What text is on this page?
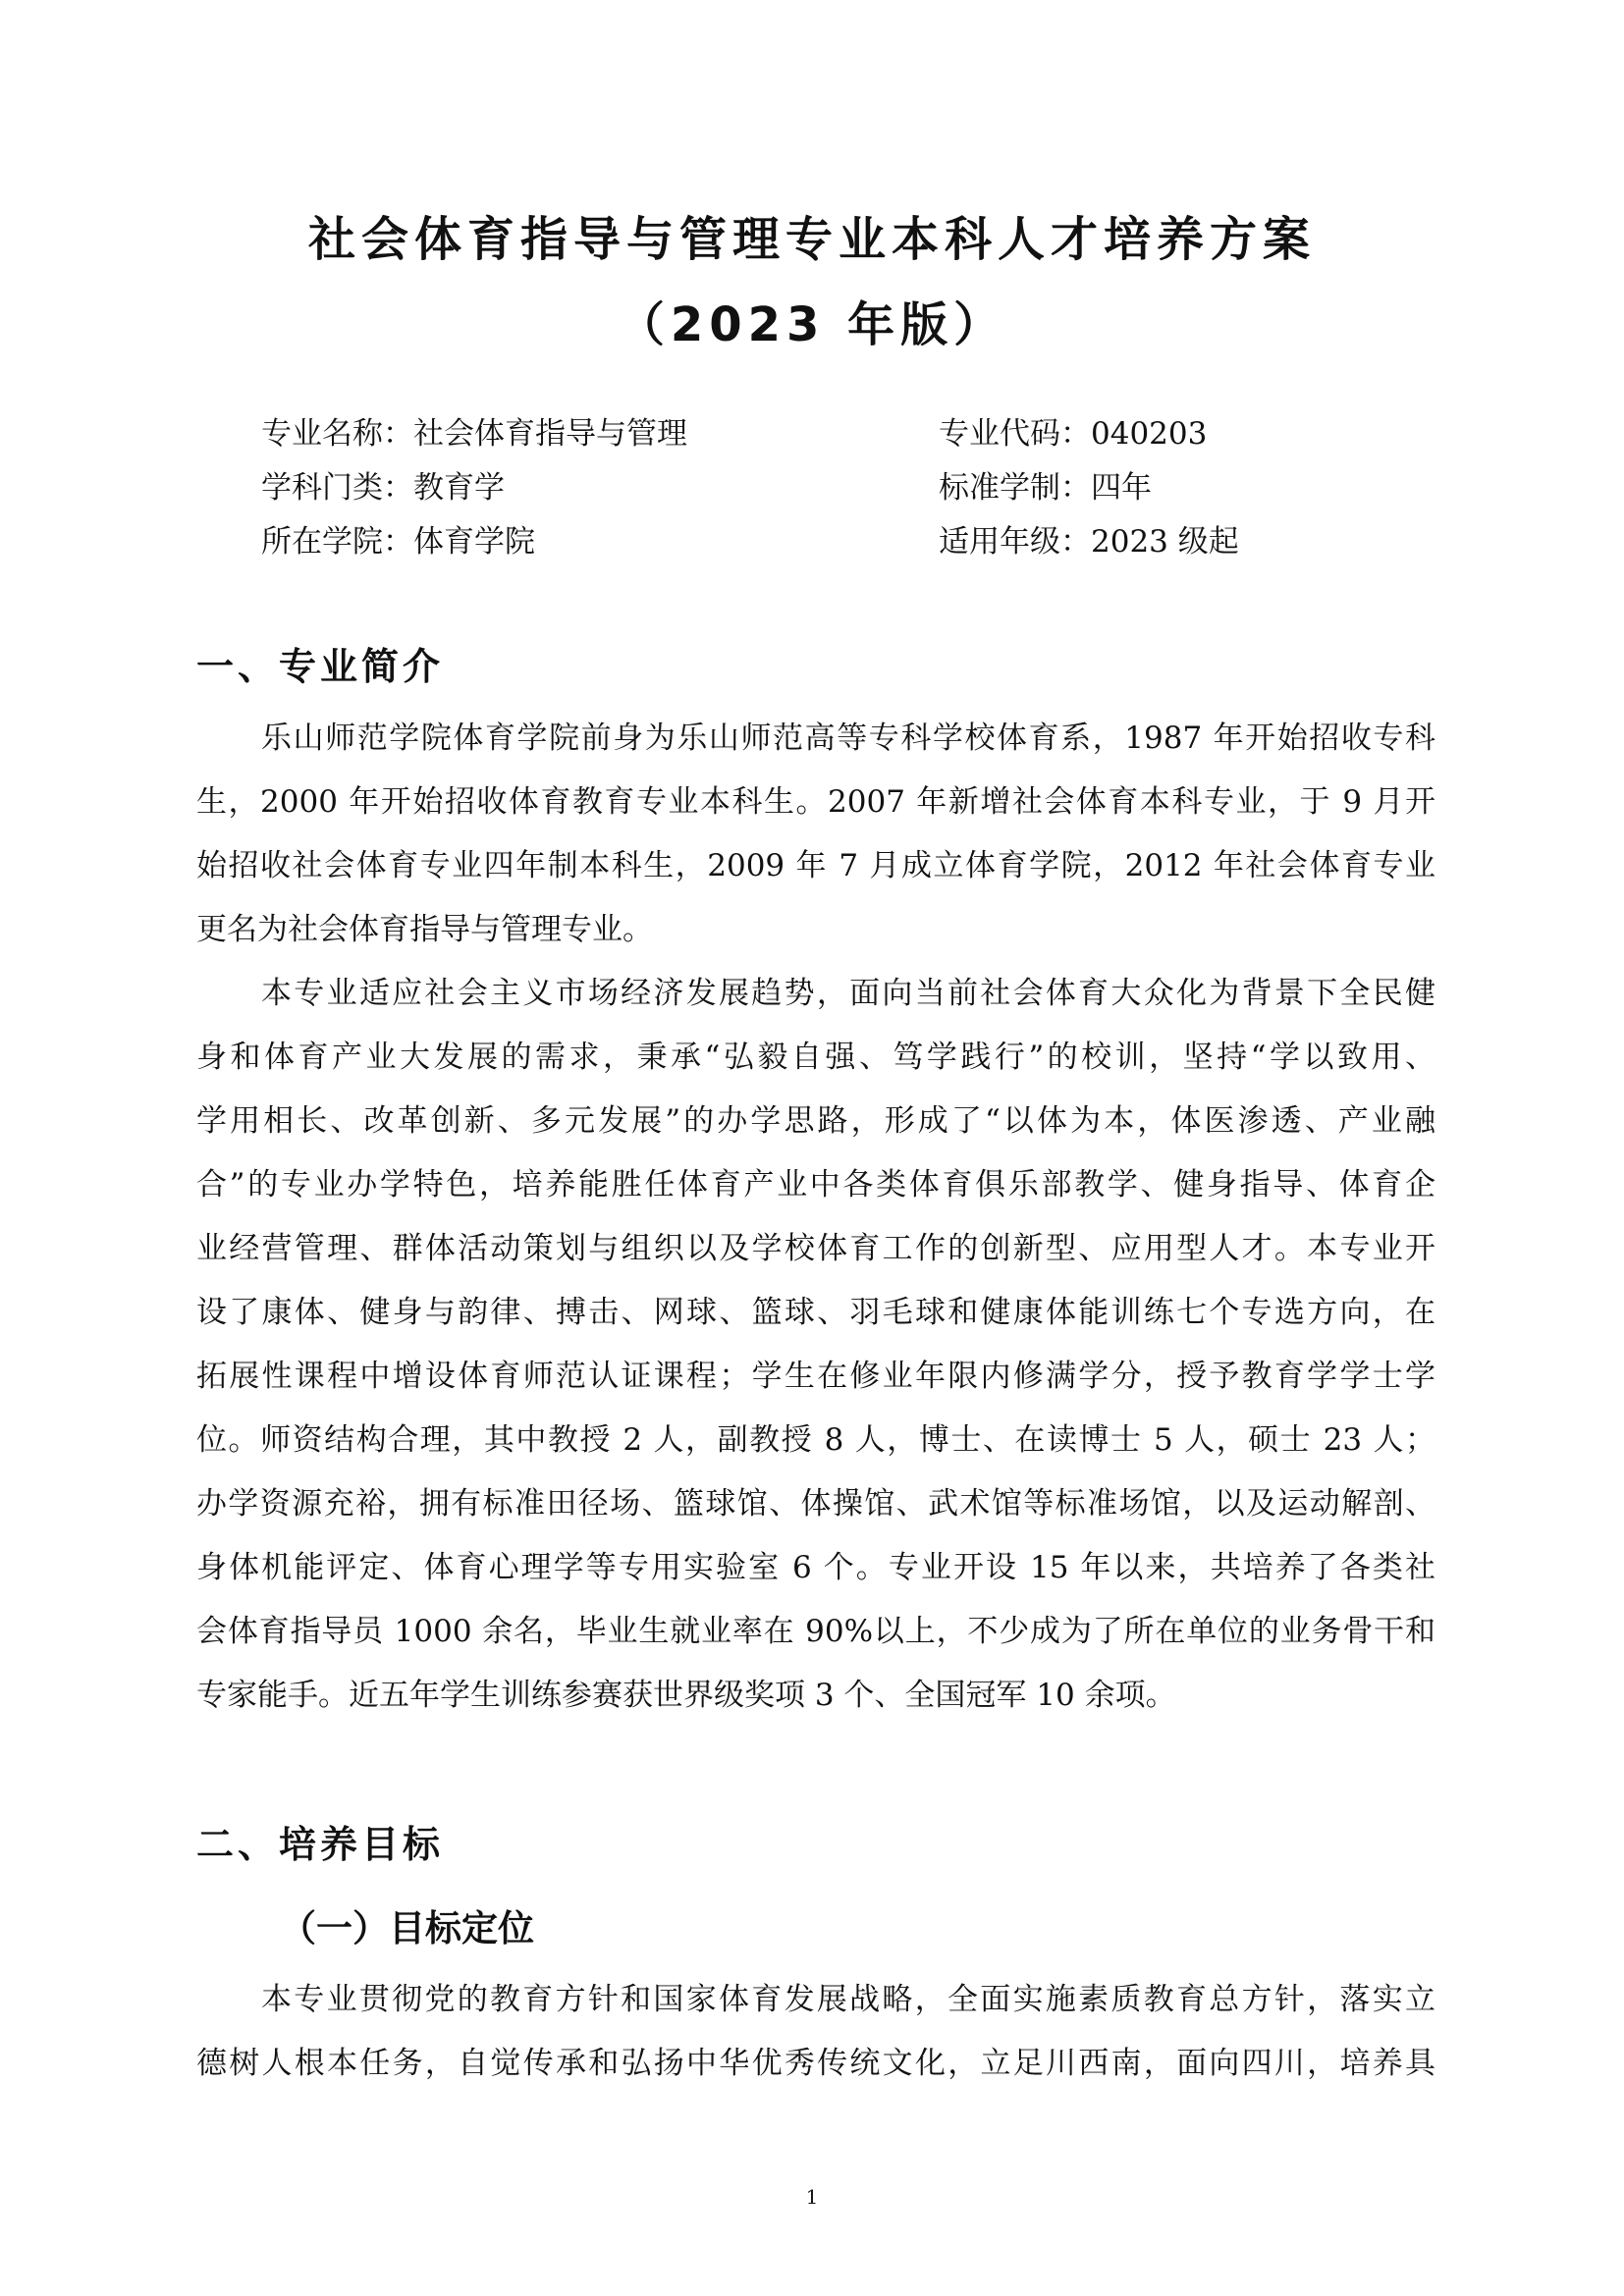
社会体育指导与管理专业本科人才培养方案
（2023 年版）
专业名称：社会体育指导与管理	专业代码：040203
学科门类：教育学	标准学制：四年
所在学院：体育学院	适用年级：2023 级起
一、专业简介
乐山师范学院体育学院前身为乐山师范高等专科学校体育系，1987 年开始招收专科
生，2000 年开始招收体育教育专业本科生。2007 年新增社会体育本科专业，于 9 月开
始招收社会体育专业四年制本科生，2009 年 7 月成立体育学院，2012 年社会体育专业
更名为社会体育指导与管理专业。
本专业适应社会主义市场经济发展趋势，面向当前社会体育大众化为背景下全民健
身和体育产业大发展的需求，秉承“弘毅自强、笃学践行”的校训，坚持“学以致用、
学用相长、改革创新、多元发展”的办学思路，形成了“以体为本，体医渗透、产业融
合”的专业办学特色，培养能胜任体育产业中各类体育俱乐部教学、健身指导、体育企
业经营管理、群体活动策划与组织以及学校体育工作的创新型、应用型人才。本专业开
设了康体、健身与韵律、搏击、网球、篮球、羽毛球和健康体能训练七个专选方向，在
拓展性课程中增设体育师范认证课程；学生在修业年限内修满学分，授予教育学学士学
位。师资结构合理，其中教授 2 人，副教授 8 人，博士、在读博士 5 人，硕士 23 人；
办学资源充裕，拥有标准田径场、篮球馆、体操馆、武术馆等标准场馆，以及运动解剖、
身体机能评定、体育心理学等专用实验室 6 个。专业开设 15 年以来，共培养了各类社
会体育指导员 1000 余名，毕业生就业率在 90%以上，不少成为了所在单位的业务骨干和
专家能手。近五年学生训练参赛获世界级奖项 3 个、全国冠军 10 余项。
二、培养目标
（一）目标定位
本专业贯彻党的教育方针和国家体育发展战略，全面实施素质教育总方针，落实立
德树人根本任务，自觉传承和弘扬中华优秀传统文化，立足川西南，面向四川，培养具
1
